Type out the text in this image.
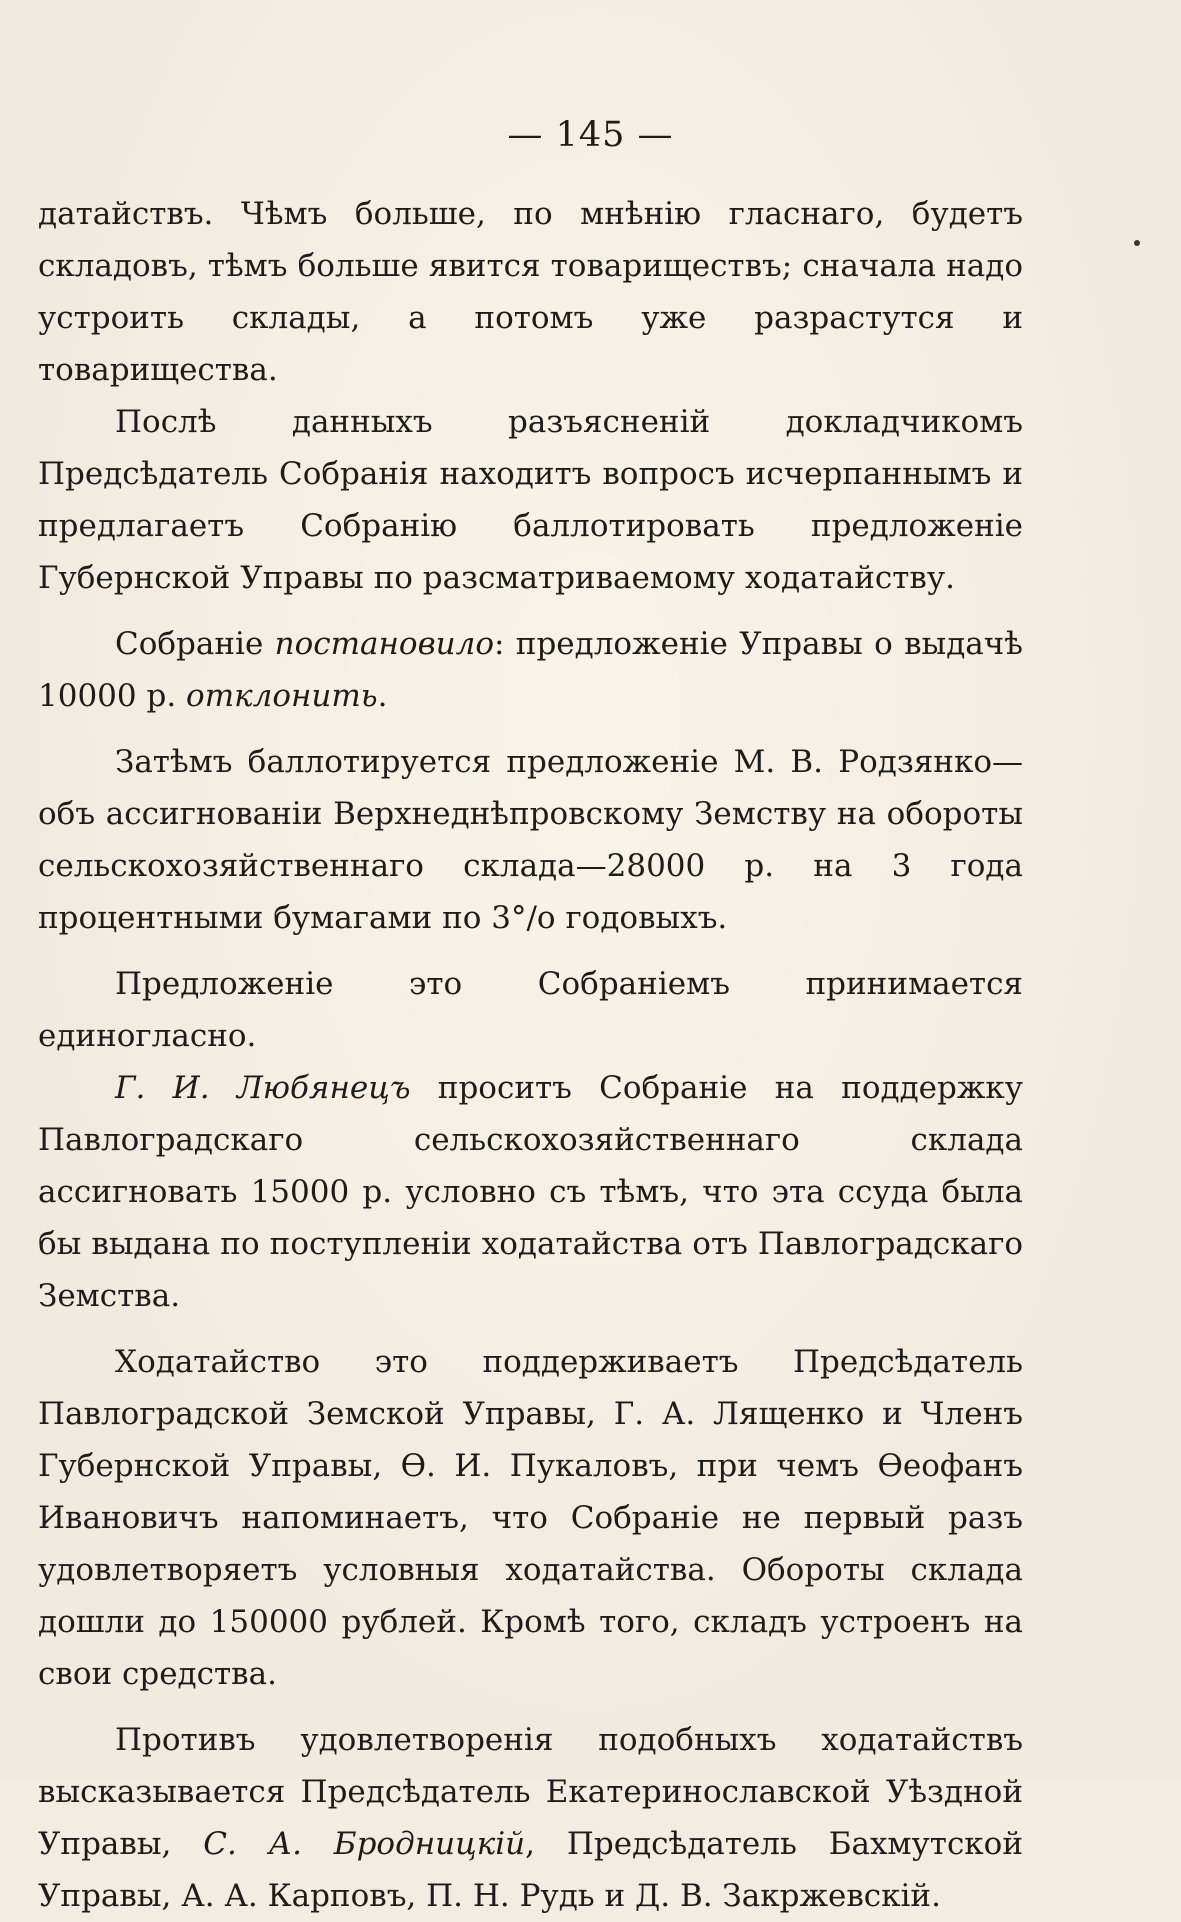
— 145 —

датайствъ. Чѣмъ больше, по мнѣнію гласнаго, будетъ складовъ, тѣмъ больше явится товариществъ; сначала надо устроить склады, а потомъ уже разрастутся и товарищества.

Послѣ данныхъ разъясненій докладчикомъ Предсѣдатель Собранія находитъ вопросъ исчерпаннымъ и предлагаетъ Собранію баллотировать предложеніе Губернской Управы по разсматриваемому ходатайству.

Собраніе постановило: предложеніе Управы о выдачѣ 10000 р. отклонить.

Затѣмъ баллотируется предложеніе М. В. Родзянко— объ ассигнованіи Верхнеднѣпровскому Земству на обороты сельскохозяйственнаго склада—28000 р. на 3 года процентными бумагами по 3°/о годовыхъ.

Предложеніе это Собраніемъ принимается единогласно.

Г. И. Любянецъ проситъ Собраніе на поддержку Павлоградскаго сельскохозяйственнаго склада ассигновать 15000 р. условно съ тѣмъ, что эта ссуда была бы выдана по поступленіи ходатайства отъ Павлоградскаго Земства.

Ходатайство это поддерживаетъ Предсѣдатель Павлоградской Земской Управы, Г. А. Лященко и Членъ Губернской Управы, Ѳ. И. Пукаловъ, при чемъ Ѳеофанъ Ивановичъ напоминаетъ, что Собраніе не первый разъ удовлетворяетъ условныя ходатайства. Обороты склада дошли до 150000 рублей. Кромѣ того, складъ устроенъ на свои средства.

Противъ удовлетворенія подобныхъ ходатайствъ высказывается Предсѣдатель Екатеринославской Уѣздной Управы, С. А. Бродницкій, Предсѣдатель Бахмутской Управы, А. А. Карповъ, П. Н. Рудь и Д. В. Закржевскій.
